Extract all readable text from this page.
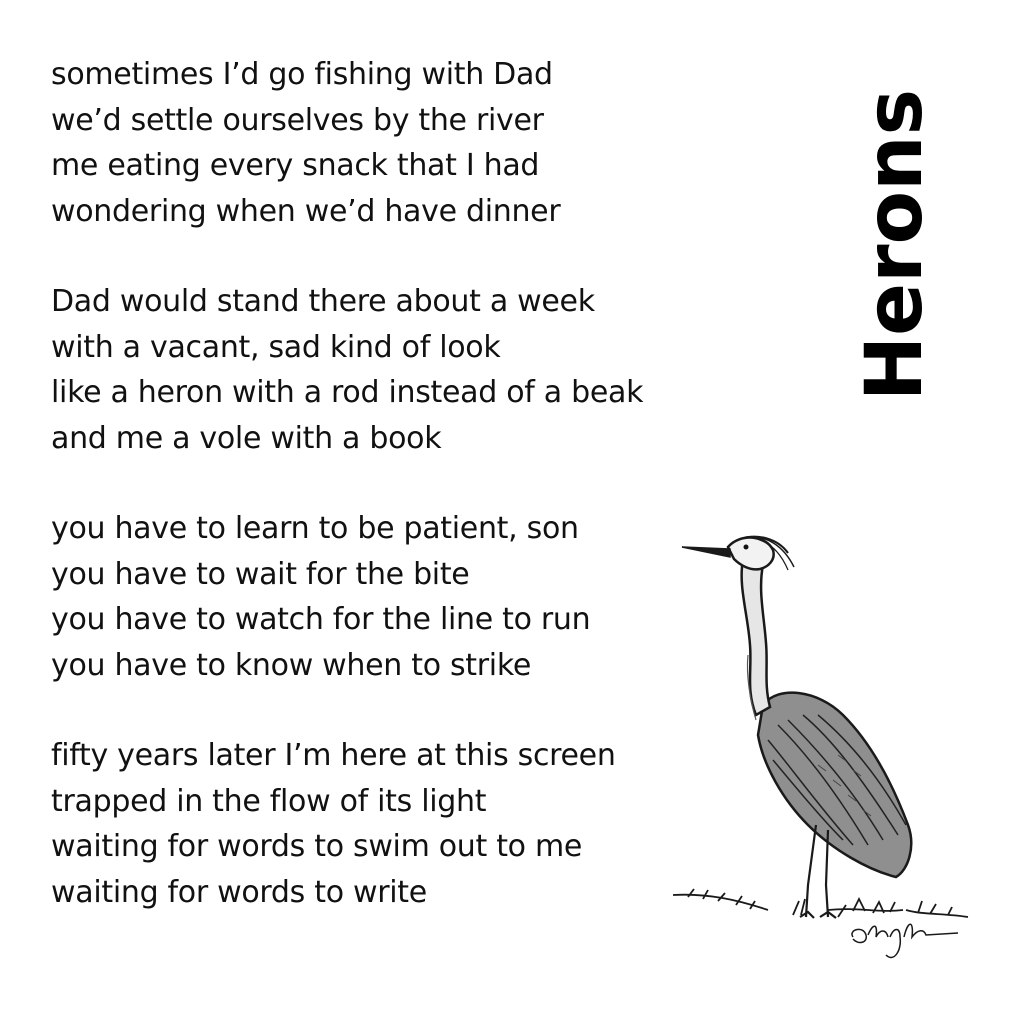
sometimes I’d go fishing with Dad
we’d settle ourselves by the river
me eating every snack that I had
wondering when we’d have dinner
Dad would stand there about a week
with a vacant, sad kind of look
like a heron with a rod instead of a beak
and me a vole with a book
you have to learn to be patient, son
you have to wait for the bite
you have to watch for the line to run
you have to know when to strike
fifty years later I’m here at this screen
trapped in the flow of its light
waiting for words to swim out to me
waiting for words to write
Herons
